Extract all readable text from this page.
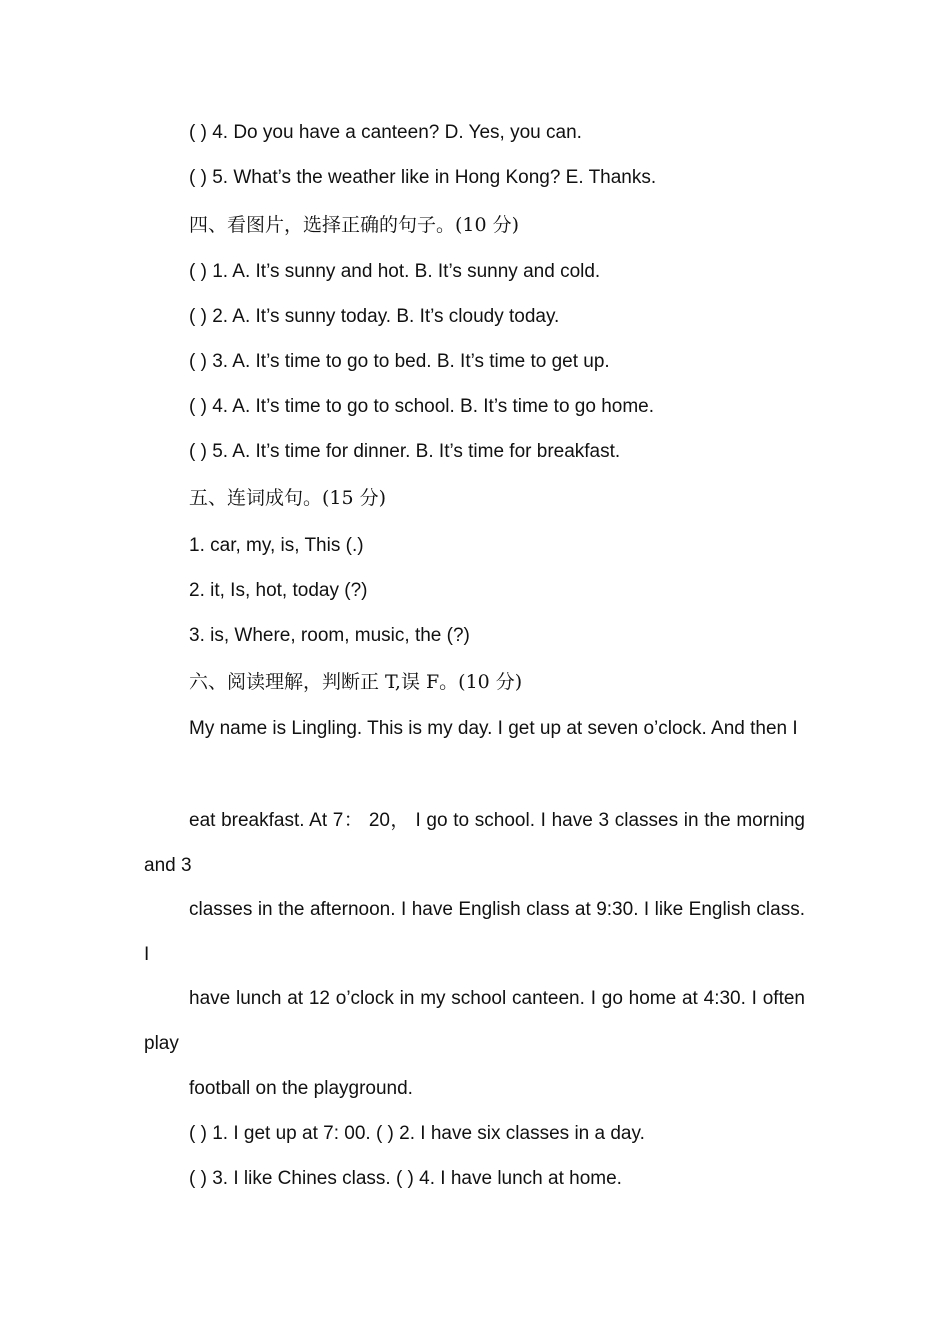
( ) 4. Do you have a canteen? D. Yes, you can.
( ) 5. What’s the weather like in Hong Kong? E. Thanks.
四、看图片，选择正确的句子。(10 分)
( ) 1. A. It’s sunny and hot. B. It’s sunny and cold.
( ) 2. A. It’s sunny today. B. It’s cloudy today.
( ) 3. A. It’s time to go to bed. B. It’s time to get up.
( ) 4. A. It’s time to go to school. B. It’s time to go home.
( ) 5. A. It’s time for dinner. B. It’s time for breakfast.
五、连词成句。(15 分)
1. car, my, is, This (.)
2. it, Is, hot, today (?)
3. is, Where, room, music, the (?)
六、阅读理解，判断正 T,误 F。(10 分)

My name is Lingling. This is my day. I get up at seven o’clock. And then I

eat breakfast. At 7： 20， I go to school. I have 3 classes in the morning and 3

classes in the afternoon. I have English class at 9:30. I like English class. I

have lunch at 12 o’clock in my school canteen. I go home at 4:30. I often play

football on the playground.
( ) 1. I get up at 7: 00. ( ) 2. I have six classes in a day.
( ) 3. I like Chines class. ( ) 4. I have lunch at home.
